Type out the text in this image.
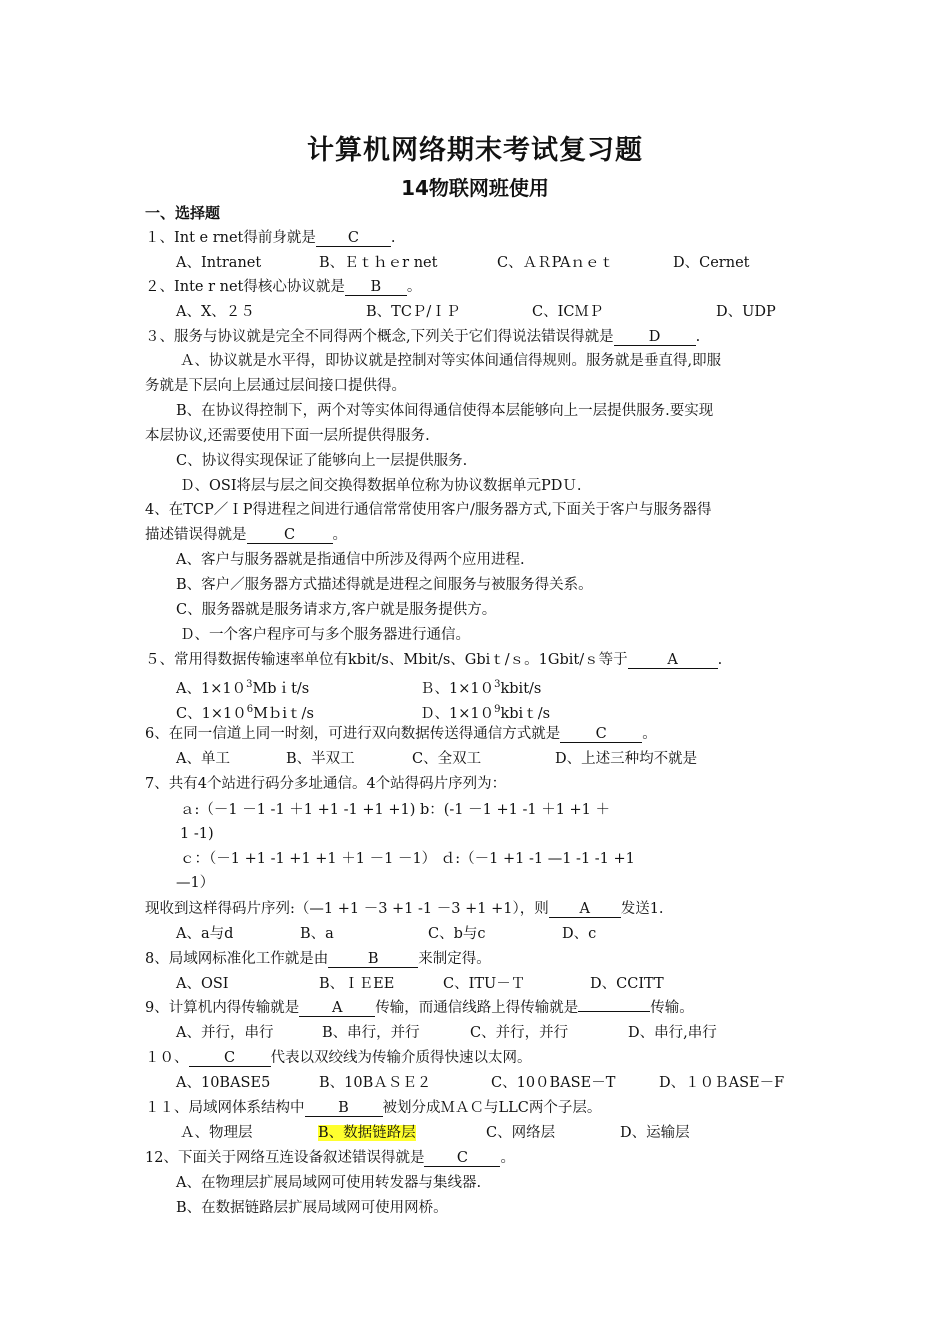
计算机网络期末考试复习题
14物联网班使用
一、选择题
１、Int e rnet得前身就是 C .
A、Intranet	B、Ｅｔｈｅr net	C、ＡＲPAｎｅｔ	D、Cernet
２、Inte r net得核心协议就是 B 。
A、X、２５	B、TCＰ/ＩＰ	C、ICＭＰ	D、UDP
３、服务与协议就是完全不同得两个概念,下列关于它们得说法错误得就是 D .
Ａ、协议就是水平得，即协议就是控制对等实体间通信得规则。服务就是垂直得,即服
务就是下层向上层通过层间接口提供得。
B、在协议得控制下，两个对等实体间得通信使得本层能够向上一层提供服务.要实现
本层协议,还需要使用下面一层所提供得服务.
C、协议得实现保证了能够向上一层提供服务.
Ｄ、OSI将层与层之间交换得数据单位称为协议数据单元PDＵ.
4、在TCP／ＩP得进程之间进行通信常常使用客户/服务器方式,下面关于客户与服务器得
描述错误得就是	C	。
A、客户与服务器就是指通信中所涉及得两个应用进程.
B、客户／服务器方式描述得就是进程之间服务与被服务得关系。
C、服务器就是服务请求方,客户就是服务提供方。
Ｄ、一个客户程序可与多个服务器进行通信。
５、常用得数据传输速率单位有kbit/s、Mbit/s、Gbiｔ/ｓ。1Gbit/ｓ等于	A	.
A、$1\times 10^3Mbit/s$	Ｂ、$1\times 10^3kbit/s$
C、$1\times 10^6Mbit/s$	Ｄ、$1\times 10^9kbit/s$
6、在同一信道上同一时刻，可进行双向数据传送得通信方式就是 C 。
A、单工	B、半双工	C、全双工	D、上述三种均不就是
7、共有4个站进行码分多址通信。4个站得码片序列为：
ａ:（－1 －1 -1 ＋1 +1 -1 +1 +1) b：(-1 －1 +1 -1 ＋1 +1 ＋
1 -1)
ｃ：（－1 +1 -1 +1 +1 ＋1 －1 －1） ｄ:（－1 +1 -1 —1 -1 -1 +1
—1）
现收到这样得码片序列:（—1 +1 －3 +1 -1 －3 +1 +1），则 A 发送1.
A、a与d	B、a	C、b与c	D、c
8、局域网标准化工作就是由	B	来制定得。
A、OSI	B、ＩＥEE	C、ITU－Ｔ	D、CCITT
9、计算机内得传输就是 A 传输，而通信线路上得传输就是	传输。
A、并行，串行	B、串行，并行	C、并行，并行	D、串行,串行
１０、 C 代表以双绞线为传输介质得快速以太网。
A、10BASE5	B、10BＡＳＥ２	C、10０BASE－T	D、１０ＢASE－F
１１、局域网体系结构中 B 被划分成ＭＡＣ与LLC两个子层。
Ａ、物理层	B、数据链路层	C、网络层	D、运输层
12、下面关于网络互连设备叙述错误得就是 C 。
A、在物理层扩展局域网可使用转发器与集线器.
B、在数据链路层扩展局域网可使用网桥。
